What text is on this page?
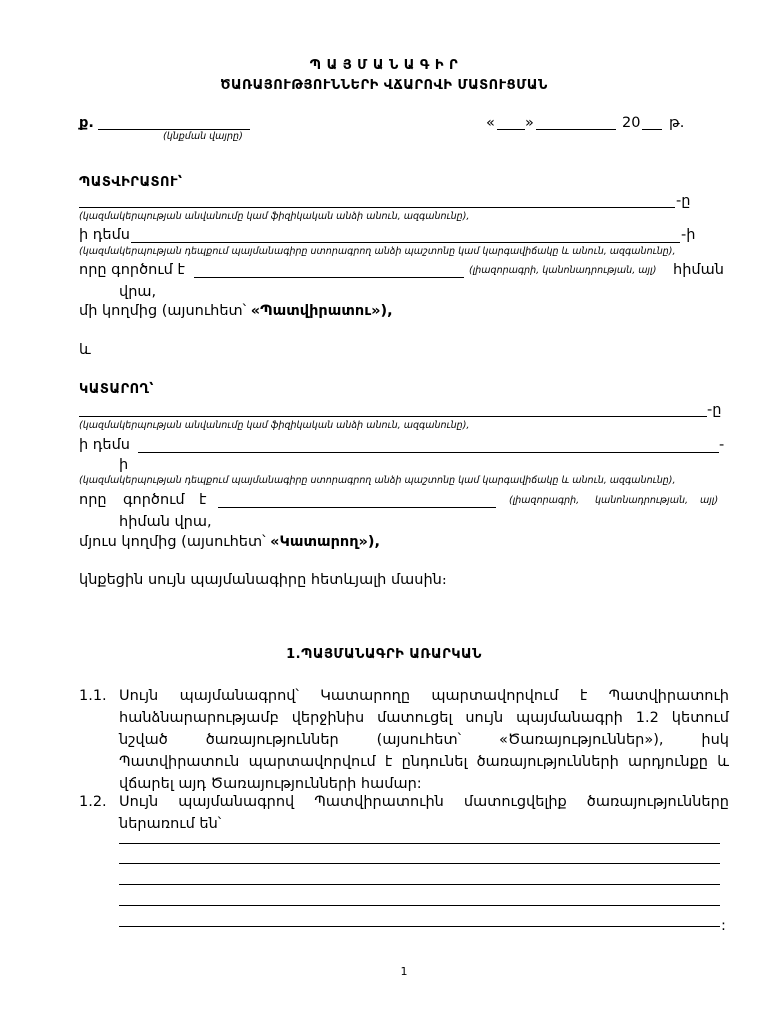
Պ Ա Յ Մ Ա Ն Ա Գ Ի Ր
ԾԱՌԱՅՈՒԹՅՈՒՆՆԵՐԻ ՎՃԱՐՈՎԻ ՄԱՏՈՒՑՄԱՆ
ք.
(կնքման վայրը)
« »	20 թ.
ՊԱՏՎԻՐԱՏՈՒ՝
-ը
(կազմակերպության անվանումը կամ ֆիզիկական անձի անուն, ազգանունը),
ի դեմս	-ի
(կազմակերպության դեպքում պայմանագիրը ստորագրող անձի պաշտոնը կամ կարգավիճակը և անուն, ազգանունը),
որը գործում է	(լիազորագրի, կանոնադրության, այլ) հիման
վրա,
մի կողմից (այսուհետ՝ «Պատվիրատու»),
և
ԿԱՏԱՐՈՂ՝
-ը
(կազմակերպության անվանումը կամ ֆիզիկական անձի անուն, ազգանունը),
ի դեմս	-
ի
(կազմակերպության դեպքում պայմանագիրը ստորագրող անձի պաշտոնը կամ կարգավիճակը և անուն, ազգանունը),
որը գործում է	(լիազորագրի, կանոնադրության, այլ)
հիման վրա,
մյուս կողմից (այսուհետ՝ «Կատարող»),
կնքեցին սույն պայմանագիրը հետևյալի մասին։
1.ՊԱՅՄԱՆԱԳՐԻ ԱՌԱՐԿԱՆ
1.1. Սույն պայմանագրով՝ Կատարողը պարտավորվում է Պատվիրատուի
հանձնարարությամբ վերջինիս մատուցել սույն պայմանագրի 1.2 կետում
նշված ծառայություններ (այսուհետ՝ «Ծառայություններ»), իսկ
Պատվիրատուն պարտավորվում է ընդունել ծառայությունների արդյունքը և
վճարել այդ Ծառայությունների համար:
1.2. Սույն պայմանագրով Պատվիրատուին մատուցվելիք ծառայությունները
ներառում են՝
:
1
